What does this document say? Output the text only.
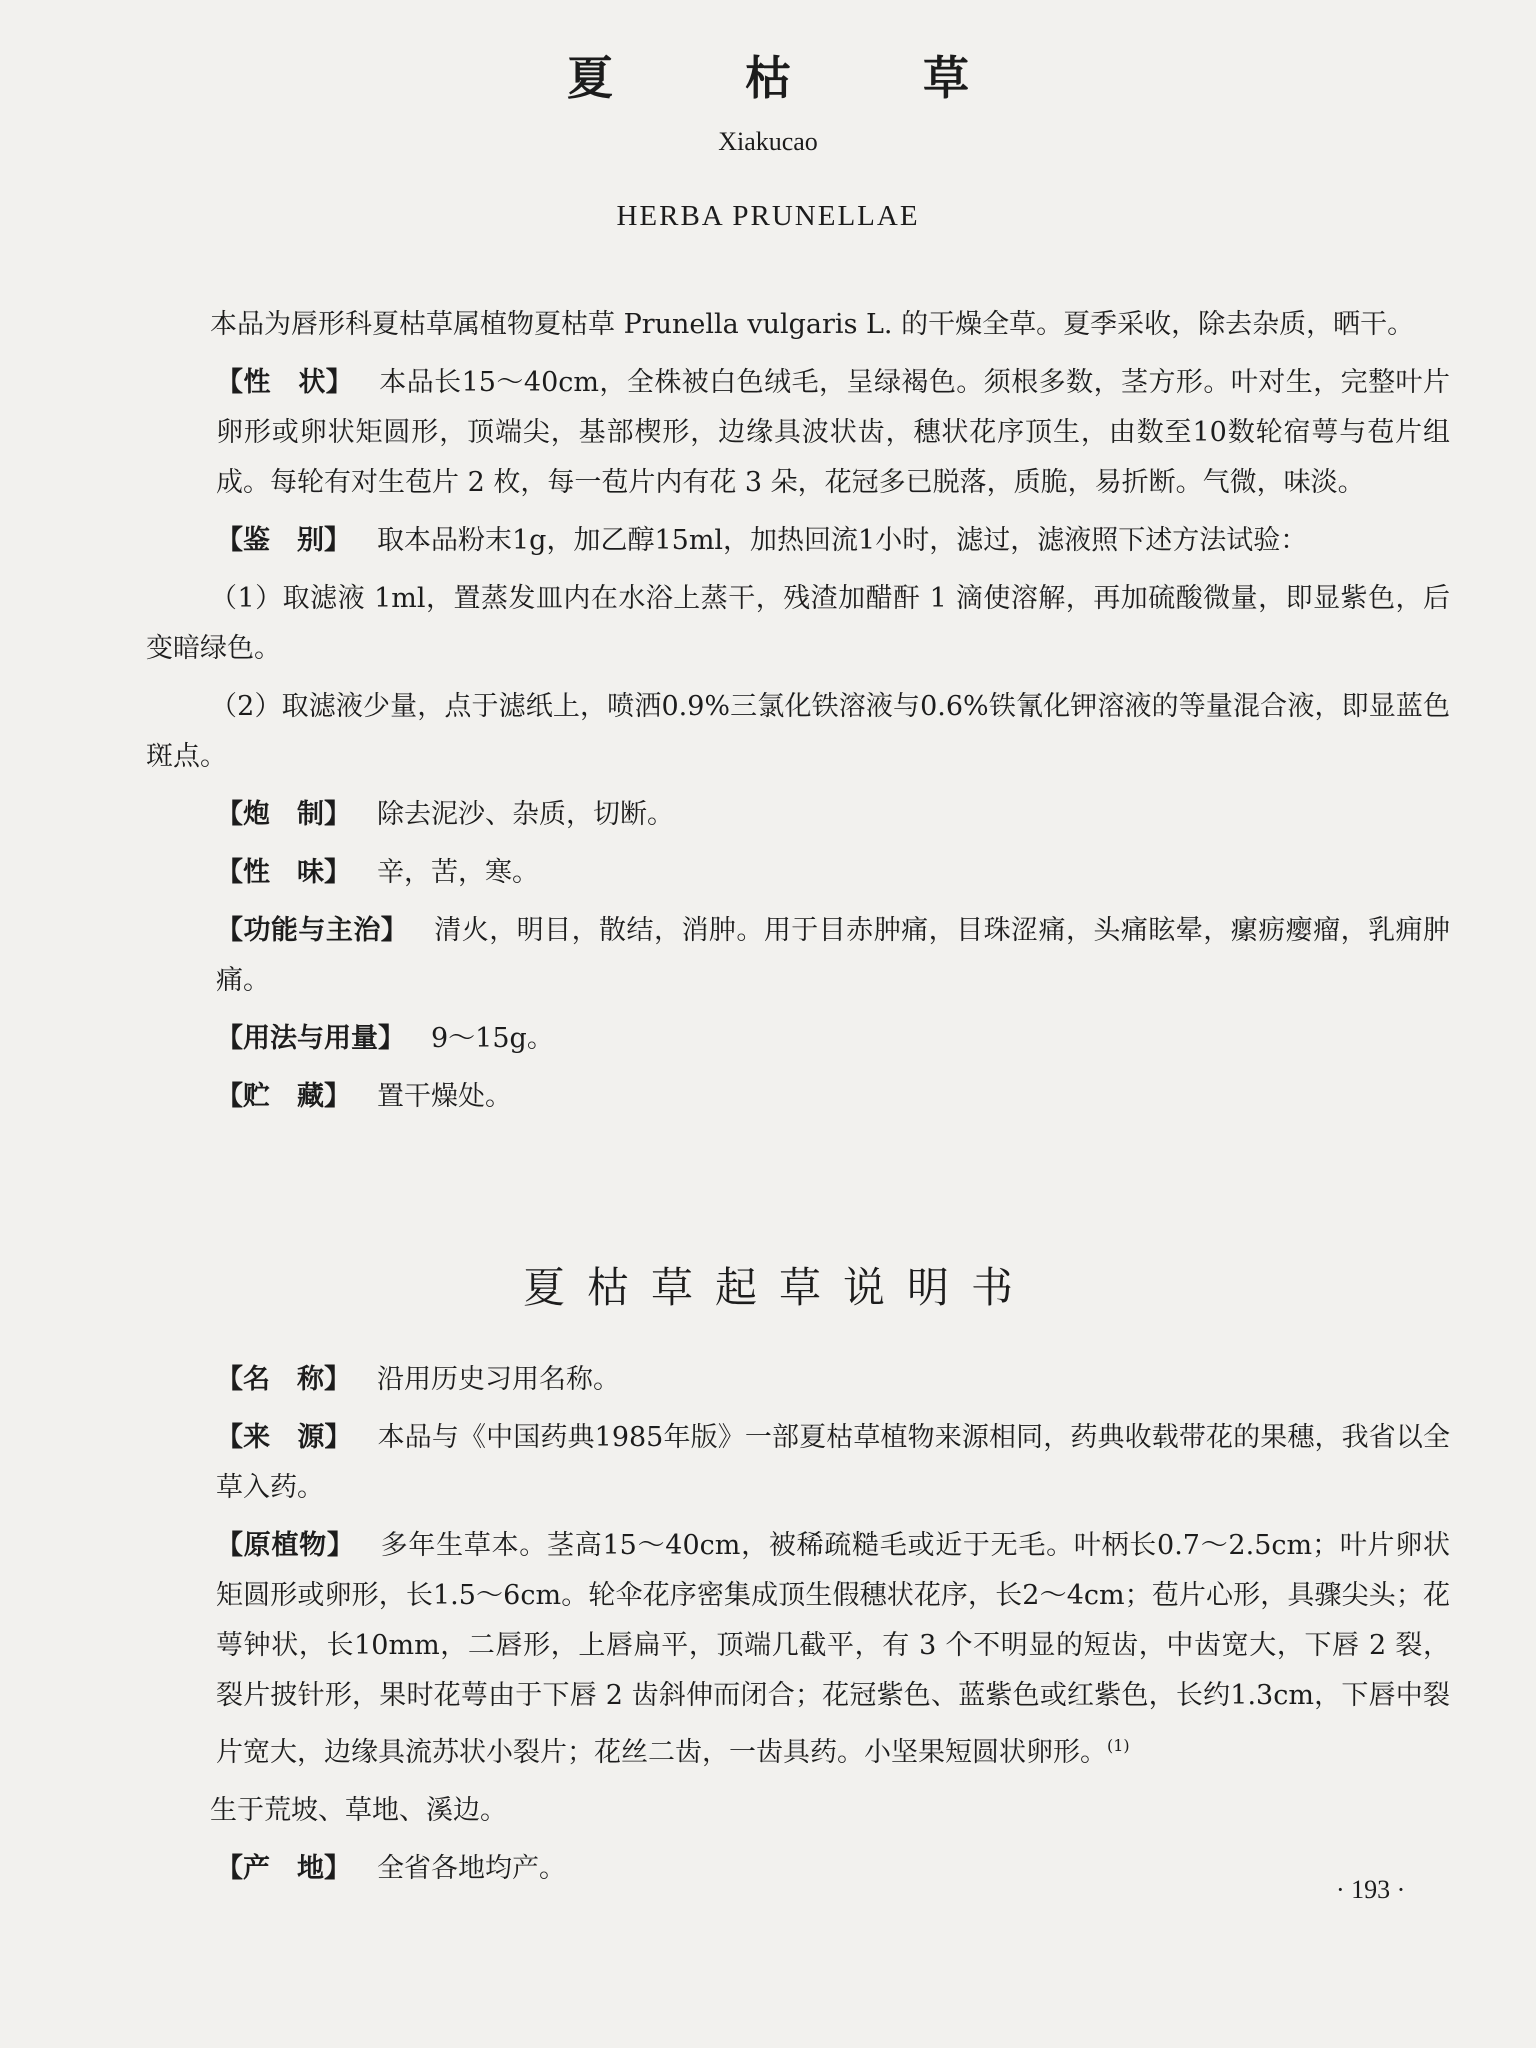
夏 枯 草
Xiakucao
HERBA PRUNELLAE

本品为唇形科夏枯草属植物夏枯草 Prunella vulgaris L. 的干燥全草。夏季采收，除去杂质，晒干。

【性　状】 本品长15～40cm，全株被白色绒毛，呈绿褐色。须根多数，茎方形。叶对生，完整叶片卵形或卵状矩圆形，顶端尖，基部楔形，边缘具波状齿，穗状花序顶生，由数至10数轮宿萼与苞片组成。每轮有对生苞片 2 枚，每一苞片内有花 3 朵，花冠多已脱落，质脆，易折断。气微，味淡。

【鉴　别】 取本品粉末1g，加乙醇15ml，加热回流1小时，滤过，滤液照下述方法试验：

（1）取滤液 1ml，置蒸发皿内在水浴上蒸干，残渣加醋酐 1 滴使溶解，再加硫酸微量，即显紫色，后变暗绿色。

（2）取滤液少量，点于滤纸上，喷洒0.9%三氯化铁溶液与0.6%铁氰化钾溶液的等量混合液，即显蓝色斑点。

【炮　制】 除去泥沙、杂质，切断。

【性　味】 辛，苦，寒。

【功能与主治】 清火，明目，散结，消肿。用于目赤肿痛，目珠涩痛，头痛眩晕，瘰疬瘿瘤，乳痈肿痛。

【用法与用量】 9～15g。

【贮　藏】 置干燥处。

夏枯草起草说明书

【名　称】 沿用历史习用名称。

【来　源】 本品与《中国药典1985年版》一部夏枯草植物来源相同，药典收载带花的果穗，我省以全草入药。

【原植物】 多年生草本。茎高15～40cm，被稀疏糙毛或近于无毛。叶柄长0.7～2.5cm；叶片卵状矩圆形或卵形，长1.5～6cm。轮伞花序密集成顶生假穗状花序，长2～4cm；苞片心形，具骤尖头；花萼钟状，长10mm，二唇形，上唇扁平，顶端几截平，有 3 个不明显的短齿，中齿宽大，下唇 2 裂，裂片披针形，果时花萼由于下唇 2 齿斜伸而闭合；花冠紫色、蓝紫色或红紫色，长约1.3cm，下唇中裂片宽大，边缘具流苏状小裂片；花丝二齿，一齿具药。小坚果短圆状卵形。$^{(1)}$

生于荒坡、草地、溪边。

【产　地】 全省各地均产。

· 193 ·
